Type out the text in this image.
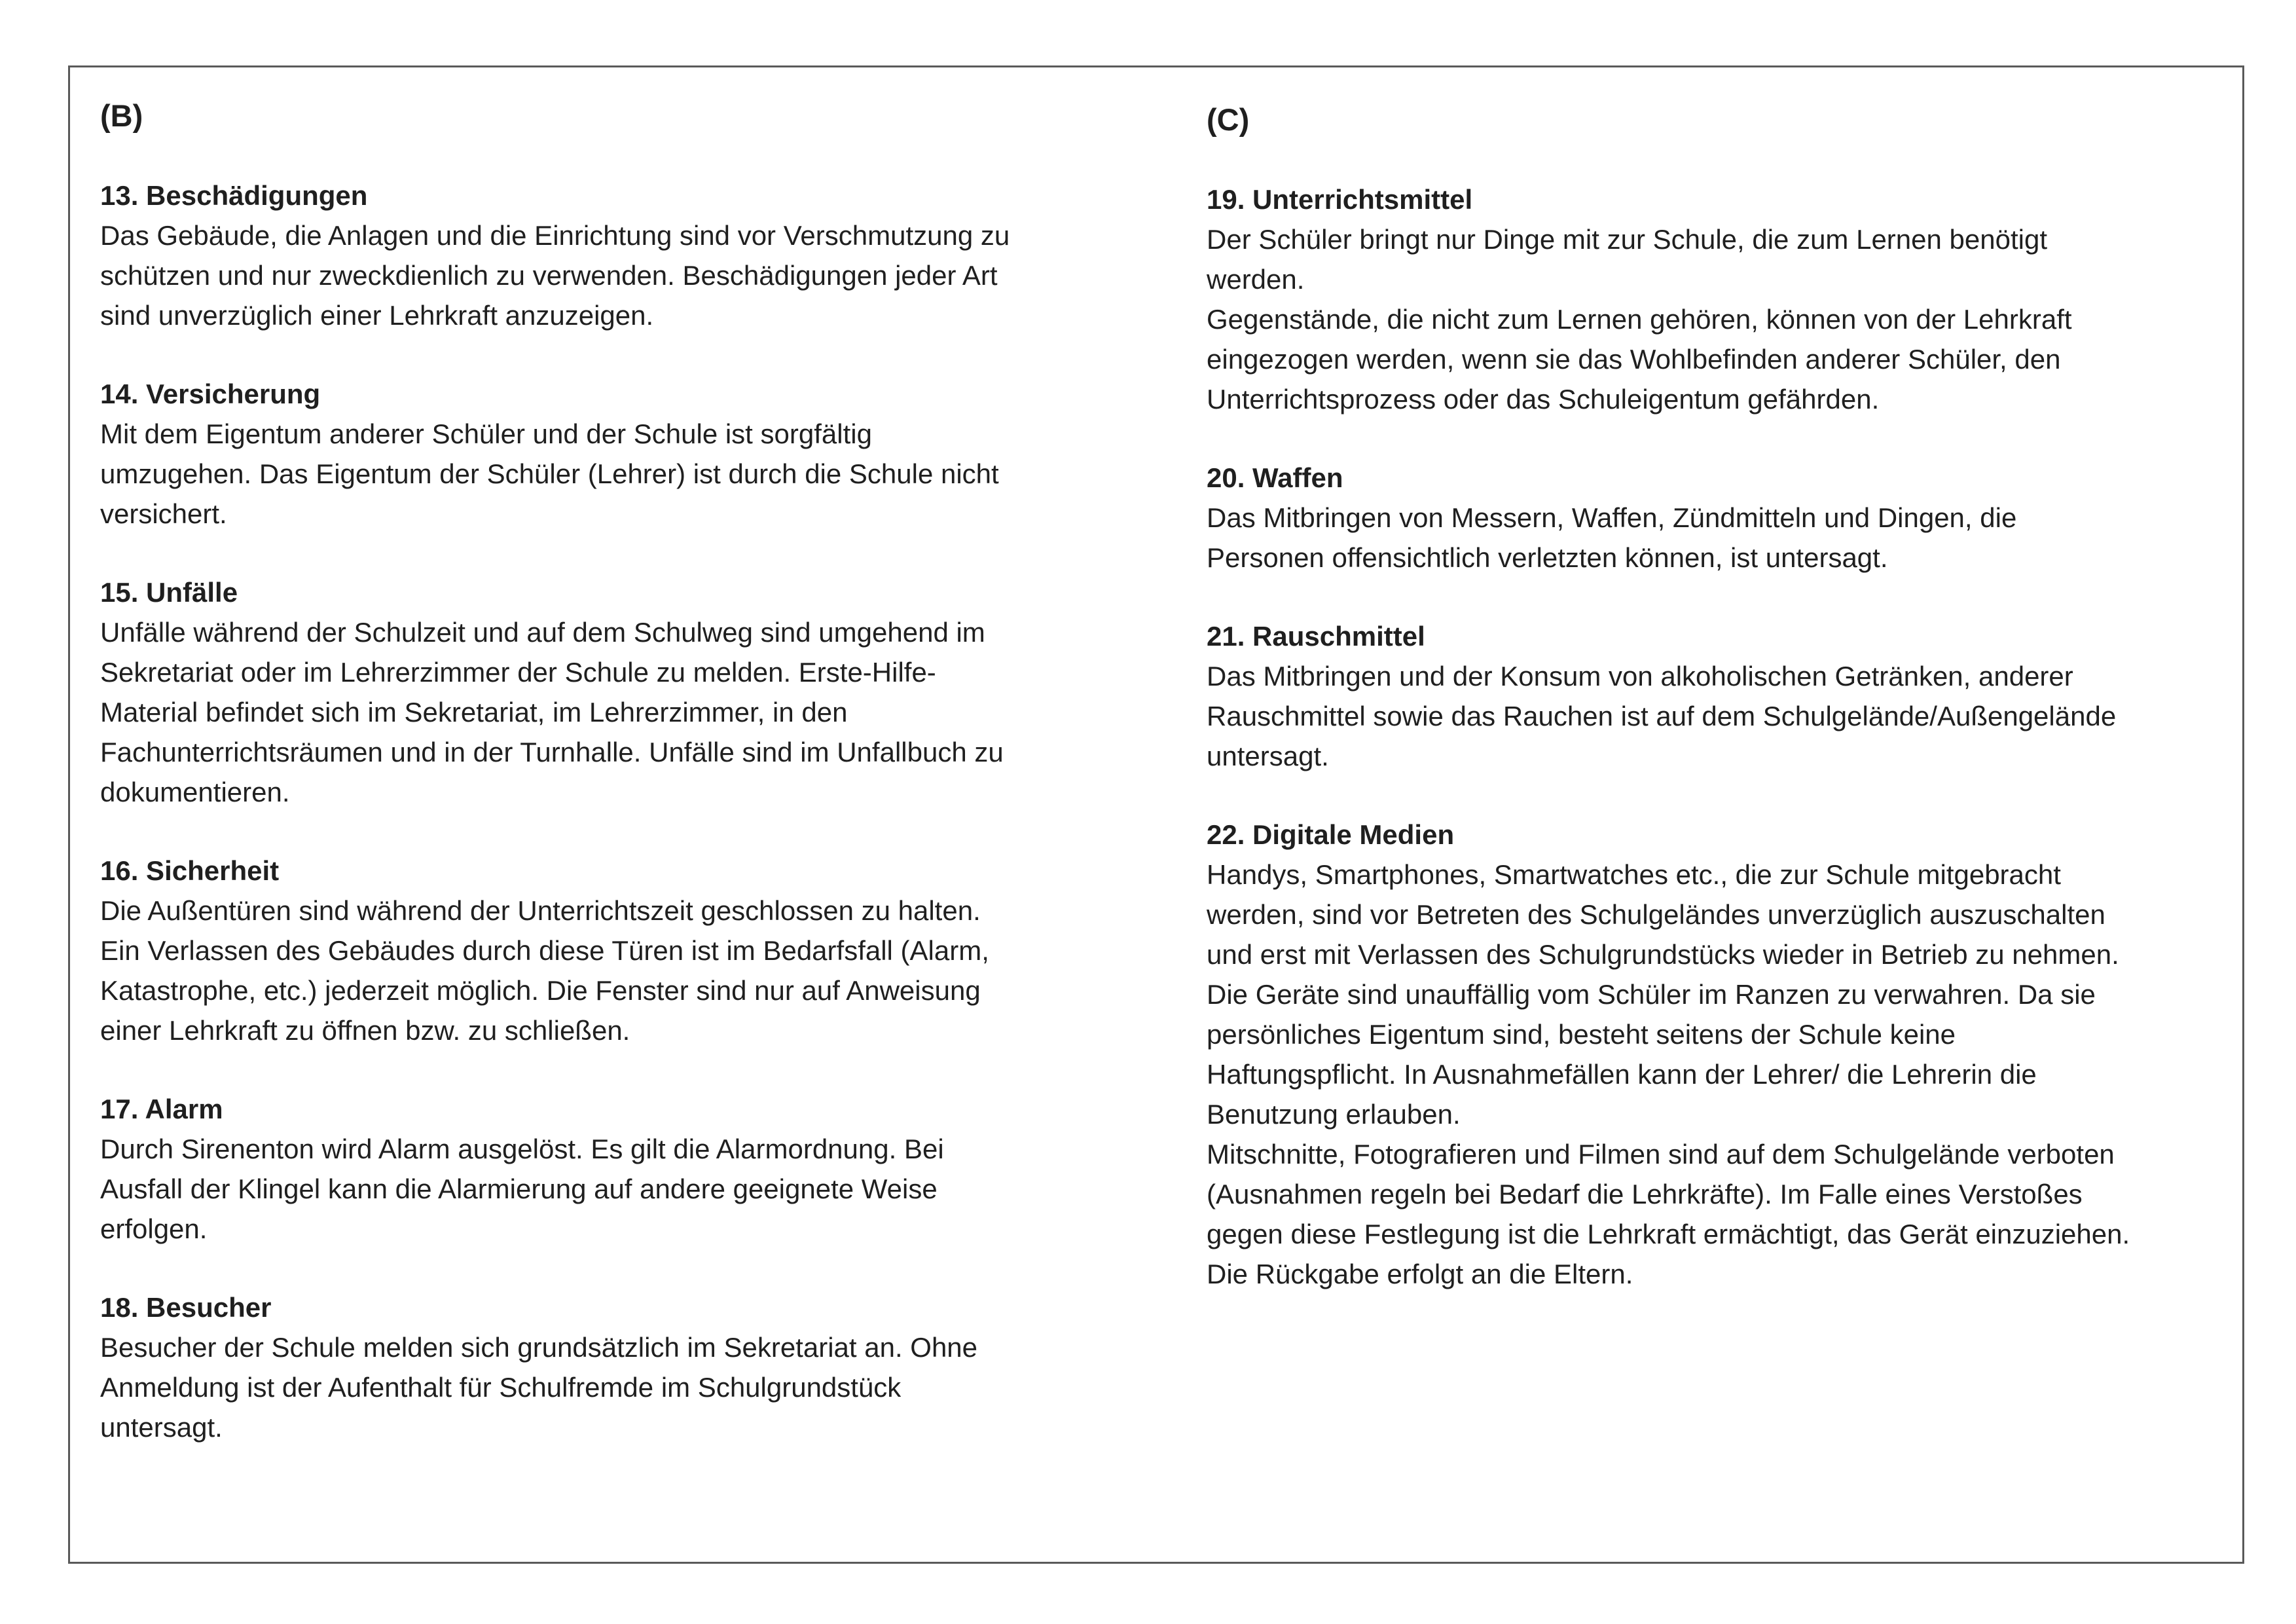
(B)

13. Beschädigungen

Das Gebäude, die Anlagen und die Einrichtung sind vor Verschmutzung zu
schützen und nur zweckdienlich zu verwenden. Beschädigungen jeder Art
sind unverzüglich einer Lehrkraft anzuzeigen.

14. Versicherung

Mit dem Eigentum anderer Schüler und der Schule ist sorgfältig
umzugehen. Das Eigentum der Schüler (Lehrer) ist durch die Schule nicht
versichert.

15. Unfälle

Unfälle während der Schulzeit und auf dem Schulweg sind umgehend im
Sekretariat oder im Lehrerzimmer der Schule zu melden. Erste-Hilfe-
Material befindet sich im Sekretariat, im Lehrerzimmer, in den
Fachunterrichtsräumen und in der Turnhalle. Unfälle sind im Unfallbuch zu
dokumentieren.

16. Sicherheit

Die Außentüren sind während der Unterrichtszeit geschlossen zu halten.
Ein Verlassen des Gebäudes durch diese Türen ist im Bedarfsfall (Alarm,
Katastrophe, etc.) jederzeit möglich. Die Fenster sind nur auf Anweisung
einer Lehrkraft zu öffnen bzw. zu schließen.

17. Alarm

Durch Sirenenton wird Alarm ausgelöst. Es gilt die Alarmordnung. Bei
Ausfall der Klingel kann die Alarmierung auf andere geeignete Weise
erfolgen.

18. Besucher

Besucher der Schule melden sich grundsätzlich im Sekretariat an. Ohne
Anmeldung ist der Aufenthalt für Schulfremde im Schulgrundstück
untersagt.

(C)

19. Unterrichtsmittel

Der Schüler bringt nur Dinge mit zur Schule, die zum Lernen benötigt
werden.

Gegenstände, die nicht zum Lernen gehören, können von der Lehrkraft
eingezogen werden, wenn sie das Wohlbefinden anderer Schüler, den
Unterrichtsprozess oder das Schuleigentum gefährden.

20. Waffen

Das Mitbringen von Messern, Waffen, Zündmitteln und Dingen, die
Personen offensichtlich verletzten können, ist untersagt.

21. Rauschmittel

Das Mitbringen und der Konsum von alkoholischen Getränken, anderer
Rauschmittel sowie das Rauchen ist auf dem Schulgelände/Außengelände
untersagt.

22. Digitale Medien

Handys, Smartphones, Smartwatches etc., die zur Schule mitgebracht
werden, sind vor Betreten des Schulgeländes unverzüglich auszuschalten
und erst mit Verlassen des Schulgrundstücks wieder in Betrieb zu nehmen.
Die Geräte sind unauffällig vom Schüler im Ranzen zu verwahren. Da sie
persönliches Eigentum sind, besteht seitens der Schule keine
Haftungspflicht. In Ausnahmefällen kann der Lehrer/ die Lehrerin die
Benutzung erlauben.

Mitschnitte, Fotografieren und Filmen sind auf dem Schulgelände verboten
(Ausnahmen regeln bei Bedarf die Lehrkräfte). Im Falle eines Verstoßes
gegen diese Festlegung ist die Lehrkraft ermächtigt, das Gerät einzuziehen.
Die Rückgabe erfolgt an die Eltern.
